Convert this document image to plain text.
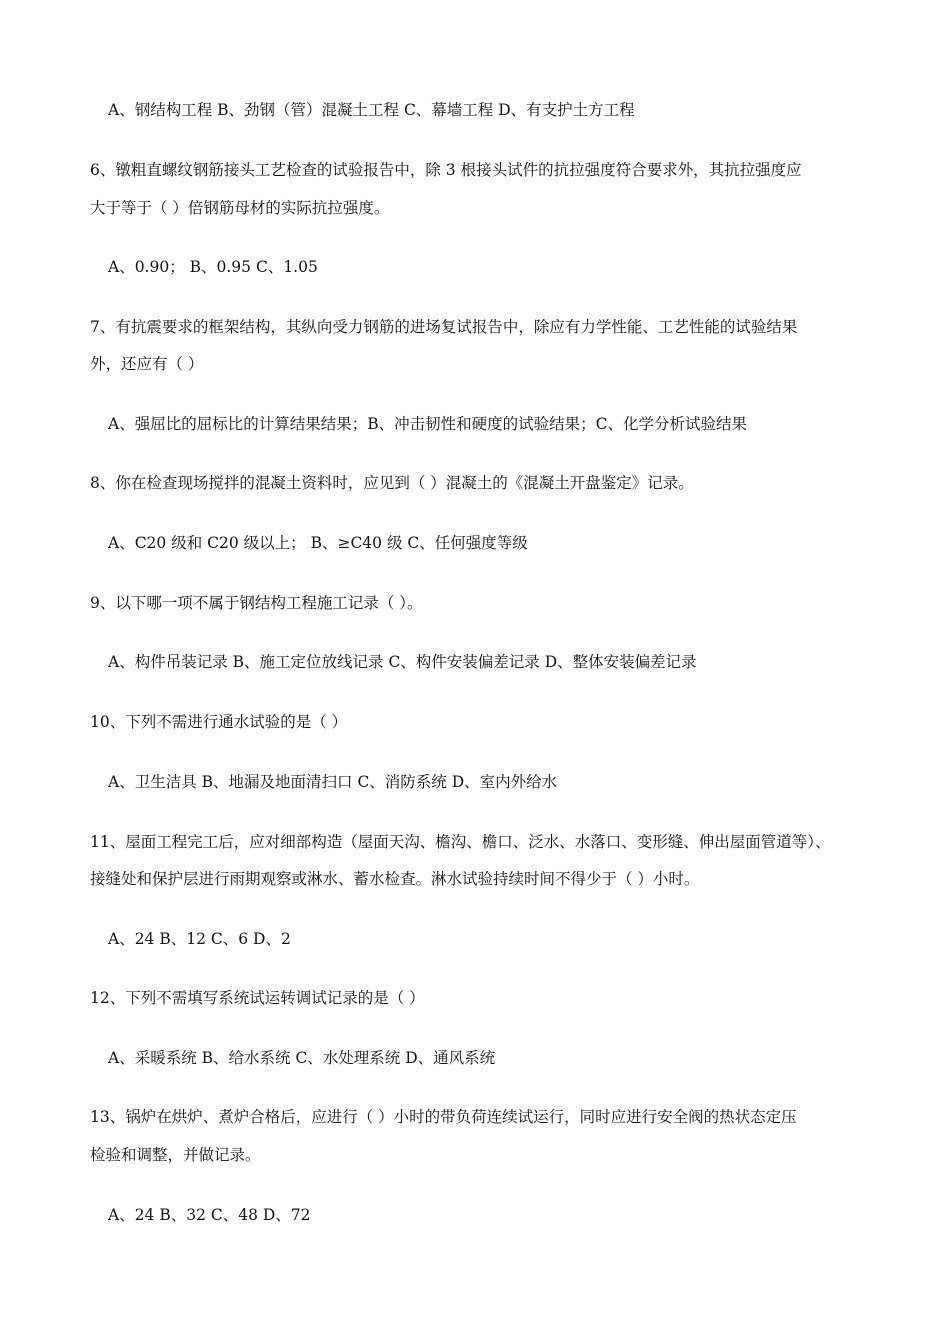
A、钢结构工程 B、劲钢（管）混凝土工程 C、幕墙工程 D、有支护土方工程
6、镦粗直螺纹钢筋接头工艺检查的试验报告中，除 3 根接头试件的抗拉强度符合要求外，其抗拉强度应
大于等于（ ）倍钢筋母材的实际抗拉强度。
A、0.90； B、0.95 C、1.05
7、有抗震要求的框架结构，其纵向受力钢筋的进场复试报告中，除应有力学性能、工艺性能的试验结果
外，还应有（ ）
A、强屈比的屈标比的计算结果结果；B、冲击韧性和硬度的试验结果；C、化学分析试验结果
8、你在检查现场搅拌的混凝土资料时，应见到（ ）混凝土的《混凝土开盘鉴定》记录。
A、C20 级和 C20 级以上； B、≥C40 级 C、任何强度等级
9、以下哪一项不属于钢结构工程施工记录（ ）。
A、构件吊装记录 B、施工定位放线记录 C、构件安装偏差记录 D、整体安装偏差记录
10、下列不需进行通水试验的是（ ）
A、卫生洁具 B、地漏及地面清扫口 C、消防系统 D、室内外给水
11、屋面工程完工后，应对细部构造（屋面天沟、檐沟、檐口、泛水、水落口、变形缝、伸出屋面管道等）、
接缝处和保护层进行雨期观察或淋水、蓄水检查。淋水试验持续时间不得少于（ ）小时。
A、24 B、12 C、6 D、2
12、下列不需填写系统试运转调试记录的是（ ）
A、采暖系统 B、给水系统 C、水处理系统 D、通风系统
13、锅炉在烘炉、煮炉合格后，应进行（ ）小时的带负荷连续试运行，同时应进行安全阀的热状态定压
检验和调整，并做记录。
A、24 B、32 C、48 D、72
